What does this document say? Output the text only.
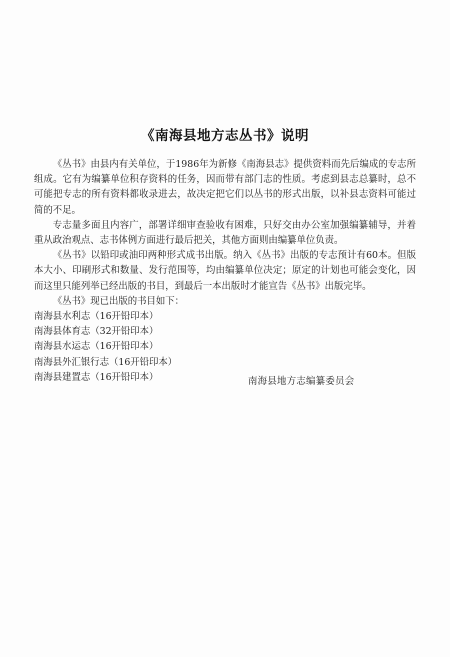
《南海县地方志丛书》说明

《丛书》由县内有关单位，于1986年为新修《南海县志》提供资料而先后编成的专志所组成。它有为编纂单位积存资料的任务，因而带有部门志的性质。考虑到县志总纂时，总不可能把专志的所有资料都收录进去，故决定把它们以丛书的形式出版，以补县志资料可能过简的不足。

专志量多面且内容广，部署详细审查验收有困难，只好交由办公室加强编纂辅导，并着重从政治观点、志书体例方面进行最后把关，其他方面则由编纂单位负责。

《丛书》以铅印或油印两种形式成书出版。纳入《丛书》出版的专志预计有60本。但版本大小、印刷形式和数量、发行范围等，均由编纂单位决定；原定的计划也可能会变化，因而这里只能列举已经出版的书目，到最后一本出版时才能宣告《丛书》出版完毕。

《丛书》现已出版的书目如下：

南海县水利志（16开铅印本）
南海县体育志（32开铅印本）
南海县水运志（16开铅印本）
南海县外汇银行志（16开铅印本）
南海县建置志（16开铅印本）	南海县地方志编纂委员会
